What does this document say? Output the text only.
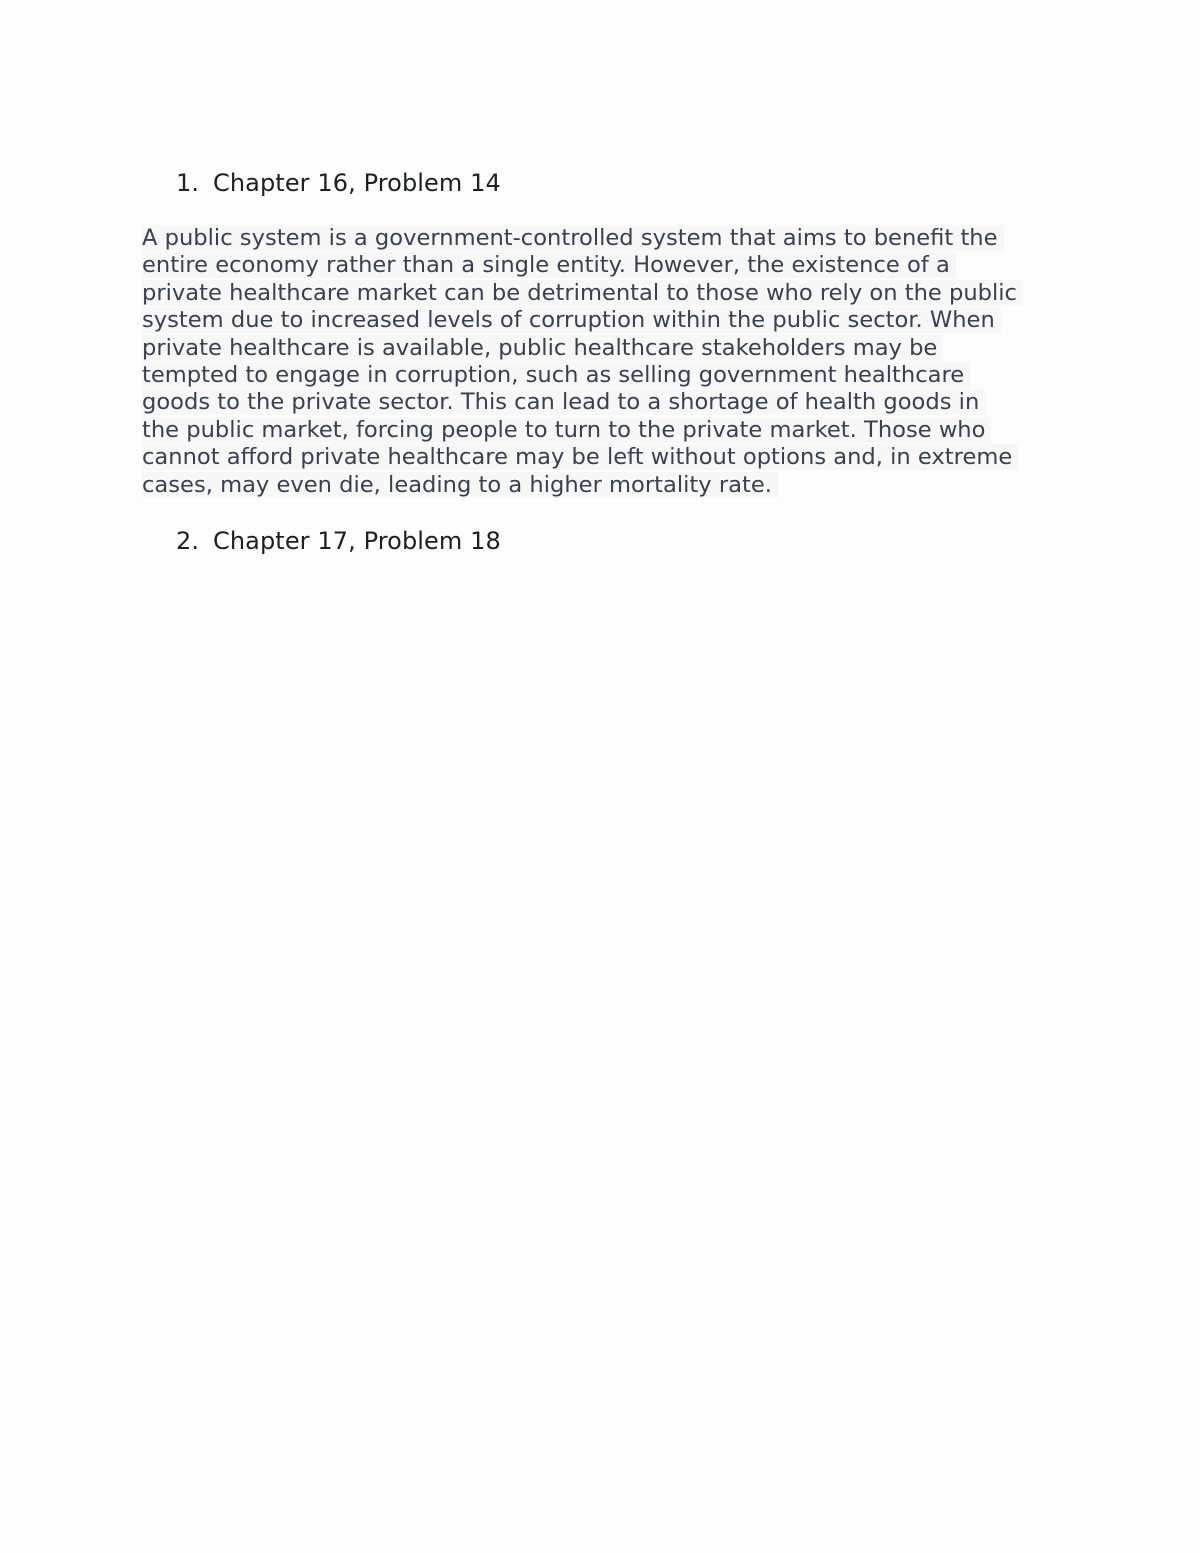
1. Chapter 16, Problem 14
A public system is a government-controlled system that aims to benefit the
entire economy rather than a single entity. However, the existence of a
private healthcare market can be detrimental to those who rely on the public
system due to increased levels of corruption within the public sector. When
private healthcare is available, public healthcare stakeholders may be
tempted to engage in corruption, such as selling government healthcare
goods to the private sector. This can lead to a shortage of health goods in
the public market, forcing people to turn to the private market. Those who
cannot afford private healthcare may be left without options and, in extreme
cases, may even die, leading to a higher mortality rate.
2. Chapter 17, Problem 18
